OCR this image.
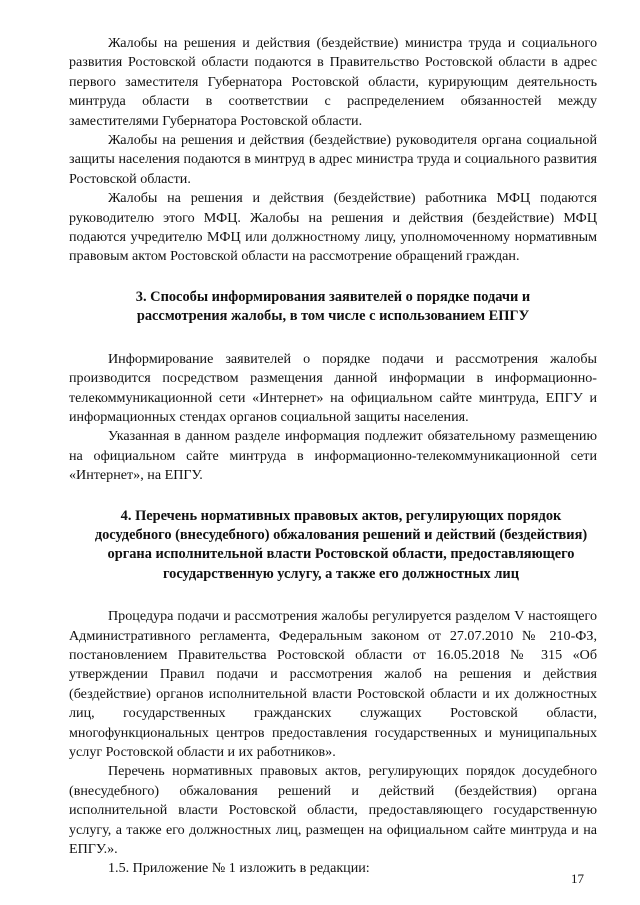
Жалобы на решения и действия (бездействие) министра труда и социального развития Ростовской области подаются в Правительство Ростовской области в адрес первого заместителя Губернатора Ростовской области, курирующим деятельность минтруда области в соответствии с распределением обязанностей между заместителями Губернатора Ростовской области.

Жалобы на решения и действия (бездействие) руководителя органа социальной защиты населения подаются в минтруд в адрес министра труда и социального развития Ростовской области.

Жалобы на решения и действия (бездействие) работника МФЦ подаются руководителю этого МФЦ. Жалобы на решения и действия (бездействие) МФЦ подаются учредителю МФЦ или должностному лицу, уполномоченному нормативным правовым актом Ростовской области на рассмотрение обращений граждан.

3. Способы информирования заявителей о порядке подачи и
рассмотрения жалобы, в том числе с использованием ЕПГУ

Информирование заявителей о порядке подачи и рассмотрения жалобы производится посредством размещения данной информации в информационно-телекоммуникационной сети «Интернет» на официальном сайте минтруда, ЕПГУ и информационных стендах органов социальной защиты населения.

Указанная в данном разделе информация подлежит обязательному размещению на официальном сайте минтруда в информационно-телекоммуникационной сети «Интернет», на ЕПГУ.

4. Перечень нормативных правовых актов, регулирующих порядок
досудебного (внесудебного) обжалования решений и действий (бездействия)
органа исполнительной власти Ростовской области, предоставляющего
государственную услугу, а также его должностных лиц

Процедура подачи и рассмотрения жалобы регулируется разделом V настоящего Административного регламента, Федеральным законом от 27.07.2010 № 210-ФЗ, постановлением Правительства Ростовской области от 16.05.2018 № 315 «Об утверждении Правил подачи и рассмотрения жалоб на решения и действия (бездействие) органов исполнительной власти Ростовской области и их должностных лиц, государственных гражданских служащих Ростовской области, многофункциональных центров предоставления государственных и муниципальных услуг Ростовской области и их работников».

Перечень нормативных правовых актов, регулирующих порядок досудебного (внесудебного) обжалования решений и действий (бездействия) органа исполнительной власти Ростовской области, предоставляющего государственную услугу, а также его должностных лиц, размещен на официальном сайте минтруда и на ЕПГУ.».

1.5. Приложение № 1 изложить в редакции:

17
